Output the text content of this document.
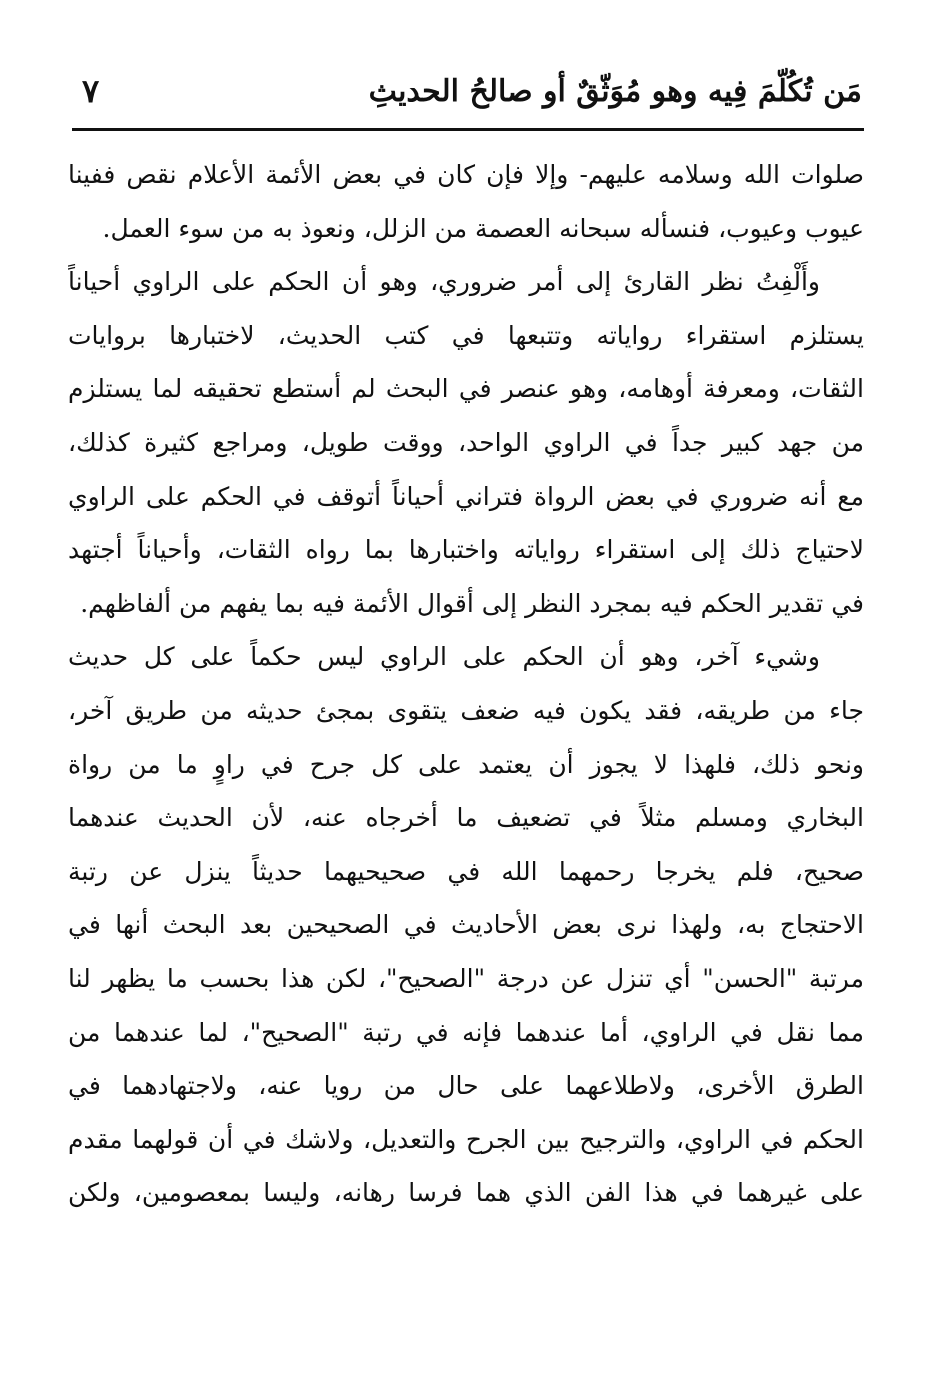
مَن تُكُلّمَ فِيه وهو مُوَثّقٌ أو صالحُ الحديثِ
٧
صلوات الله وسلامه عليهم- وإلا فإن كان في بعض الأئمة الأعلام نقص ففينا
عيوب وعيوب، فنسأله سبحانه العصمة من الزلل، ونعوذ به من سوء العمل.
وأَلْفِتُ نظر القارئ إلى أمر ضروري، وهو أن الحكم على الراوي أحياناً
يستلزم استقراء رواياته وتتبعها في كتب الحديث، لاختبارها بروايات
الثقات، ومعرفة أوهامه، وهو عنصر في البحث لم أستطع تحقيقه لما يستلزم
من جهد كبير جداً في الراوي الواحد، ووقت طويل، ومراجع كثيرة كذلك،
مع أنه ضروري في بعض الرواة فتراني أحياناً أتوقف في الحكم على الراوي
لاحتياج ذلك إلى استقراء رواياته واختبارها بما رواه الثقات، وأحياناً أجتهد
في تقدير الحكم فيه بمجرد النظر إلى أقوال الأئمة فيه بما يفهم من ألفاظهم.
وشيء آخر، وهو أن الحكم على الراوي ليس حكماً على كل حديث
جاء من طريقه، فقد يكون فيه ضعف يتقوى بمجئ حديثه من طريق آخر،
ونحو ذلك، فلهذا لا يجوز أن يعتمد على كل جرح في راوٍ ما من رواة
البخاري ومسلم مثلاً في تضعيف ما أخرجاه عنه، لأن الحديث عندهما
صحيح، فلم يخرجا رحمهما الله في صحيحيهما حديثاً ينزل عن رتبة
الاحتجاج به، ولهذا نرى بعض الأحاديث في الصحيحين بعد البحث أنها في
مرتبة "الحسن" أي تنزل عن درجة "الصحيح"، لكن هذا بحسب ما يظهر لنا
مما نقل في الراوي، أما عندهما فإنه في رتبة "الصحيح"، لما عندهما من
الطرق الأخرى، ولاطلاعهما على حال من رويا عنه، ولاجتهادهما في
الحكم في الراوي، والترجيح بين الجرح والتعديل، ولاشك في أن قولهما مقدم
على غيرهما في هذا الفن الذي هما فرسا رهانه، وليسا بمعصومين، ولكن
